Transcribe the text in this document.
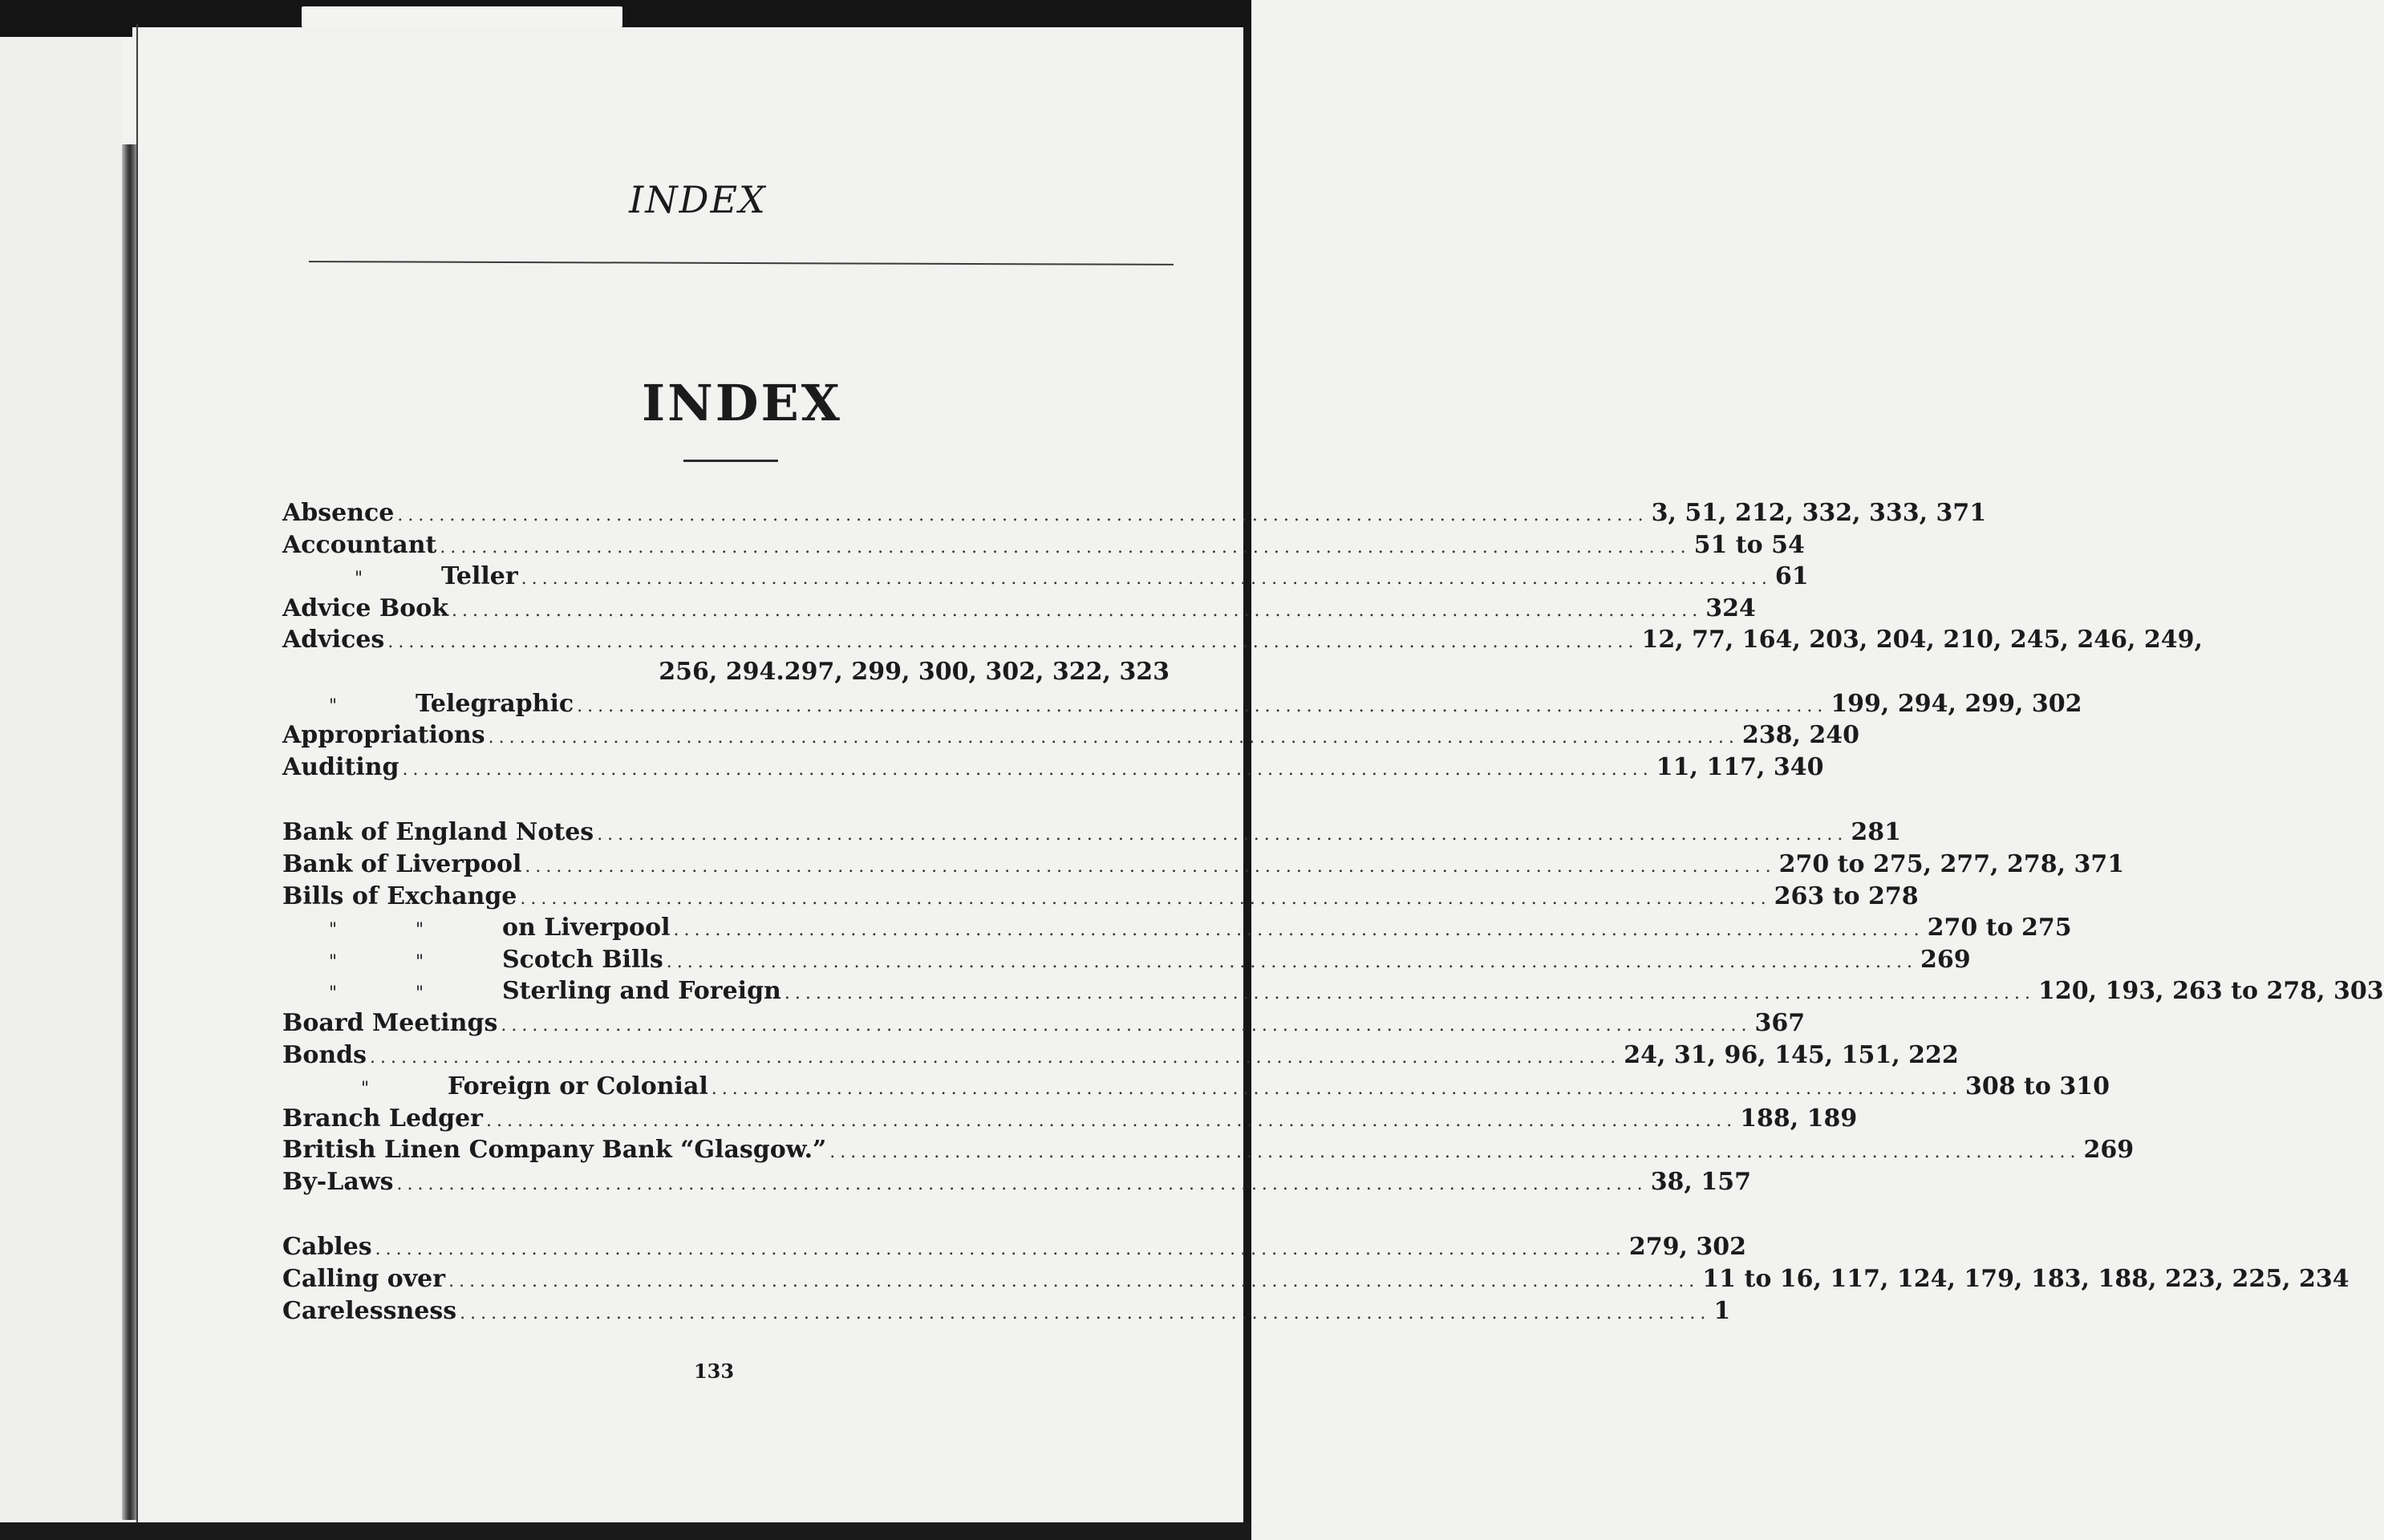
INDEX
INDEX
Absence ........................................................................................................................ 3, 51, 212, 332, 333, 371
Accountant ........................................................................................................................ 51 to 54
"	Teller ........................................................................................................................ 61
Advice Book ........................................................................................................................ 324
Advices ........................................................................................................................ 12, 77, 164, 203, 204, 210, 245, 246, 249,
256, 294.297, 299, 300, 302, 322, 323
"	Telegraphic ........................................................................................................................ 199, 294, 299, 302
Appropriations ........................................................................................................................ 238, 240
Auditing ........................................................................................................................ 11, 117, 340
Bank of England Notes ........................................................................................................................ 281
Bank of Liverpool ........................................................................................................................ 270 to 275, 277, 278, 371
Bills of Exchange ........................................................................................................................ 263 to 278
"	"	on Liverpool ........................................................................................................................ 270 to 275
"	"	Scotch Bills ........................................................................................................................ 269
"	"	Sterling and Foreign ........................................................................................................................ 120, 193, 263 to 278, 303
Board Meetings ........................................................................................................................ 367
Bonds ........................................................................................................................ 24, 31, 96, 145, 151, 222
"	Foreign or Colonial ........................................................................................................................ 308 to 310
Branch Ledger ........................................................................................................................ 188, 189
British Linen Company Bank “Glasgow.” ........................................................................................................................ 269
By-Laws ........................................................................................................................ 38, 157
Cables ........................................................................................................................ 279, 302
Calling over ........................................................................................................................ 11 to 16, 117, 124, 179, 183, 188, 223, 225, 234
Carelessness ........................................................................................................................ 1
133
